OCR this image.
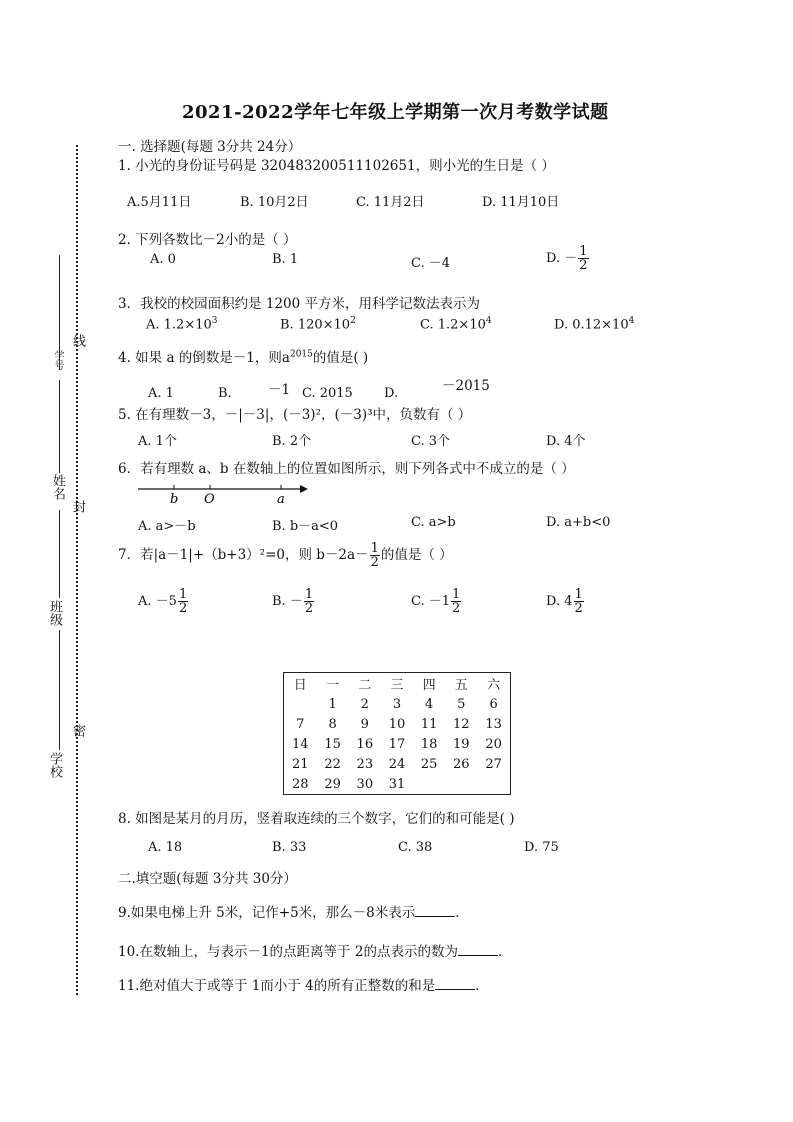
学号
线
姓名
封
班级
密
学校
2021-2022学年七年级上学期第一次月考数学试题
一. 选择题(每题 3分共 24分）
1. 小光的身份证号码是 320483200511102651，则小光的生日是（ ）
A.5月11日	B. 10月2日	C. 11月2日	D. 11月10日
2. 下列各数比－2小的是（ ）
A. 0	B. 1	C. －4	D. － $\frac{1}{2}$
3．我校的校园面积约是 1200 平方米，用科学记数法表示为
A. $1.2\times 10^3$	B. $120\times 10^2$	C. $1.2\times 10^4$	D. $0.12\times 10^4$
4. 如果 a 的倒数是－1，则$a^{2015}$的值是( )
A. 1	B.	－1 C. 2015 D.	－2015
5. 在有理数－3，－|－3|，(－3)²，(－3)³中，负数有（ ）
A. 1个	B. 2个	C. 3个	D. 4个
6．若有理数 a、b 在数轴上的位置如图所示，则下列各式中不成立的是（ ）
b O	a
A. a>－b	B. b－a<0	C. a>b	D. a+b<0
7．若|a－1|+（b+3）²=0，则 $b-2a- \frac{1}{2}$ 的值是（ ）
A. $-5 \frac{1}{2}$	B. － $\frac{1}{2}$	C. $-1 \frac{1}{2}$	D. $4 \frac{1}{2}$
日	一	二	三	四	五	六
	1	2	3	4	5	6
7	8	9	10	11	12	13
14	15	16	17	18	19	20
21	22	23	24	25	26	27
28	29	30	31			
8. 如图是某月的月历，竖着取连续的三个数字，它们的和可能是( )
A. 18	B. 33	C. 38	D. 75
二.填空题(每题 3分共 30分）
9.如果电梯上升 5米，记作+5米，那么－8米表示	．
10.在数轴上，与表示－1的点距离等于 2的点表示的数为	．
11.绝对值大于或等于 1而小于 4的所有正整数的和是	．
